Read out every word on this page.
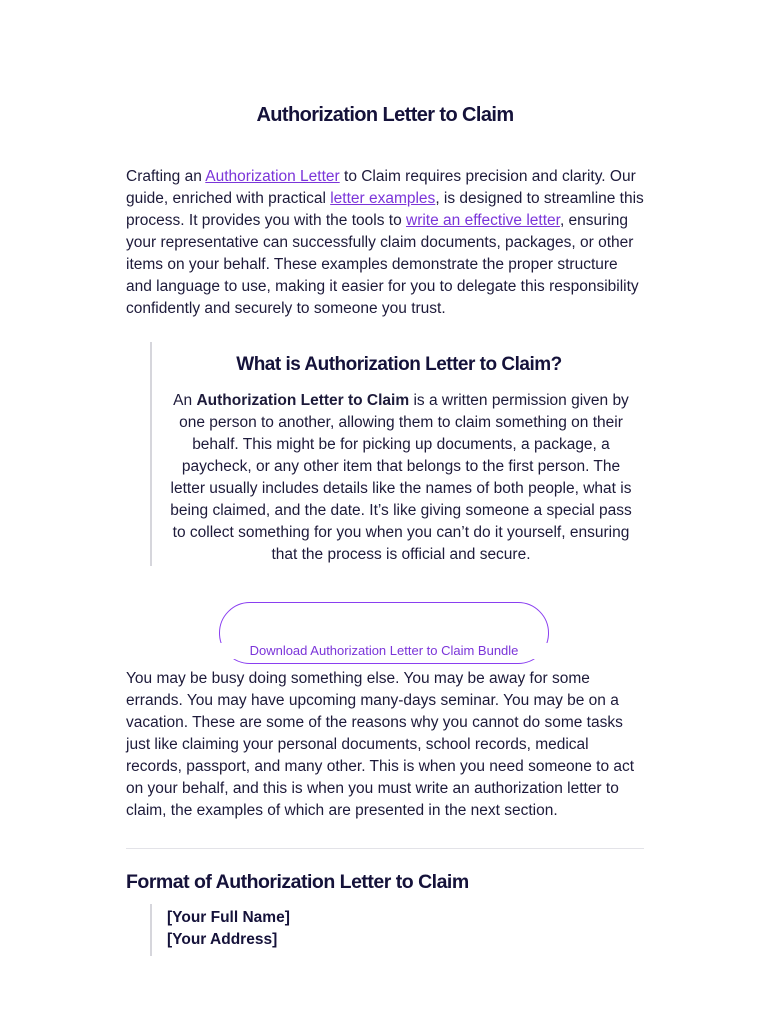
Authorization Letter to Claim

Crafting an Authorization Letter to Claim requires precision and clarity. Our guide, enriched with practical letter examples, is designed to streamline this process. It provides you with the tools to write an effective letter, ensuring your representative can successfully claim documents, packages, or other items on your behalf. These examples demonstrate the proper structure and language to use, making it easier for you to delegate this responsibility confidently and securely to someone you trust.

What is Authorization Letter to Claim?

An Authorization Letter to Claim is a written permission given by one person to another, allowing them to claim something on their behalf. This might be for picking up documents, a package, a paycheck, or any other item that belongs to the first person. The letter usually includes details like the names of both people, what is being claimed, and the date. It’s like giving someone a special pass to collect something for you when you can’t do it yourself, ensuring that the process is official and secure.

Download Authorization Letter to Claim Bundle

You may be busy doing something else. You may be away for some errands. You may have upcoming many-days seminar. You may be on a vacation. These are some of the reasons why you cannot do some tasks just like claiming your personal documents, school records, medical records, passport, and many other. This is when you need someone to act on your behalf, and this is when you must write an authorization letter to claim, the examples of which are presented in the next section.

Format of Authorization Letter to Claim
[Your Full Name]
[Your Address]
